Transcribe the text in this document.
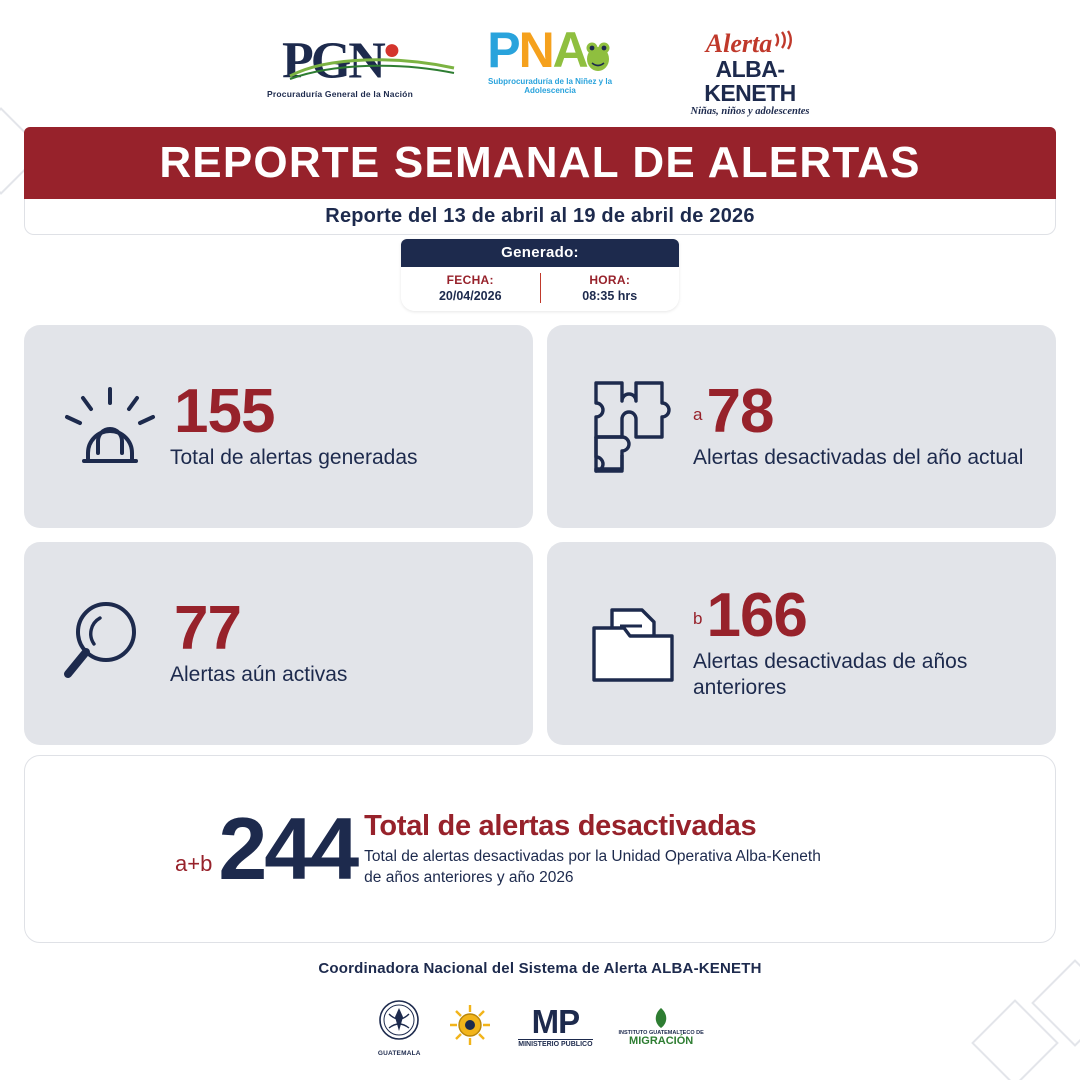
PGN●
Procuraduría General de la Nación
PNA
Subprocuraduría de la Niñez y la Adolescencia
Alerta
ALBA-KENETH
Niñas, niños y adolescentes
REPORTE SEMANAL DE ALERTAS
Reporte del 13 de abril al 19 de abril de 2026
Generado:
FECHA:
20/04/2026
HORA:
08:35 hrs
155
Total de alertas generadas
a 78
Alertas desactivadas del año actual
77
Alertas aún activas
b 166
Alertas desactivadas de años anteriores
a+b 244 Total de alertas desactivadas
Total de alertas desactivadas por la Unidad Operativa Alba-Keneth de años anteriores y año 2026
Coordinadora Nacional del Sistema de Alerta ALBA-KENETH
GUATEMALA
MP
MINISTERIO PÚBLICO
INSTITUTO GUATEMALTECO DE
MIGRACIÓN
